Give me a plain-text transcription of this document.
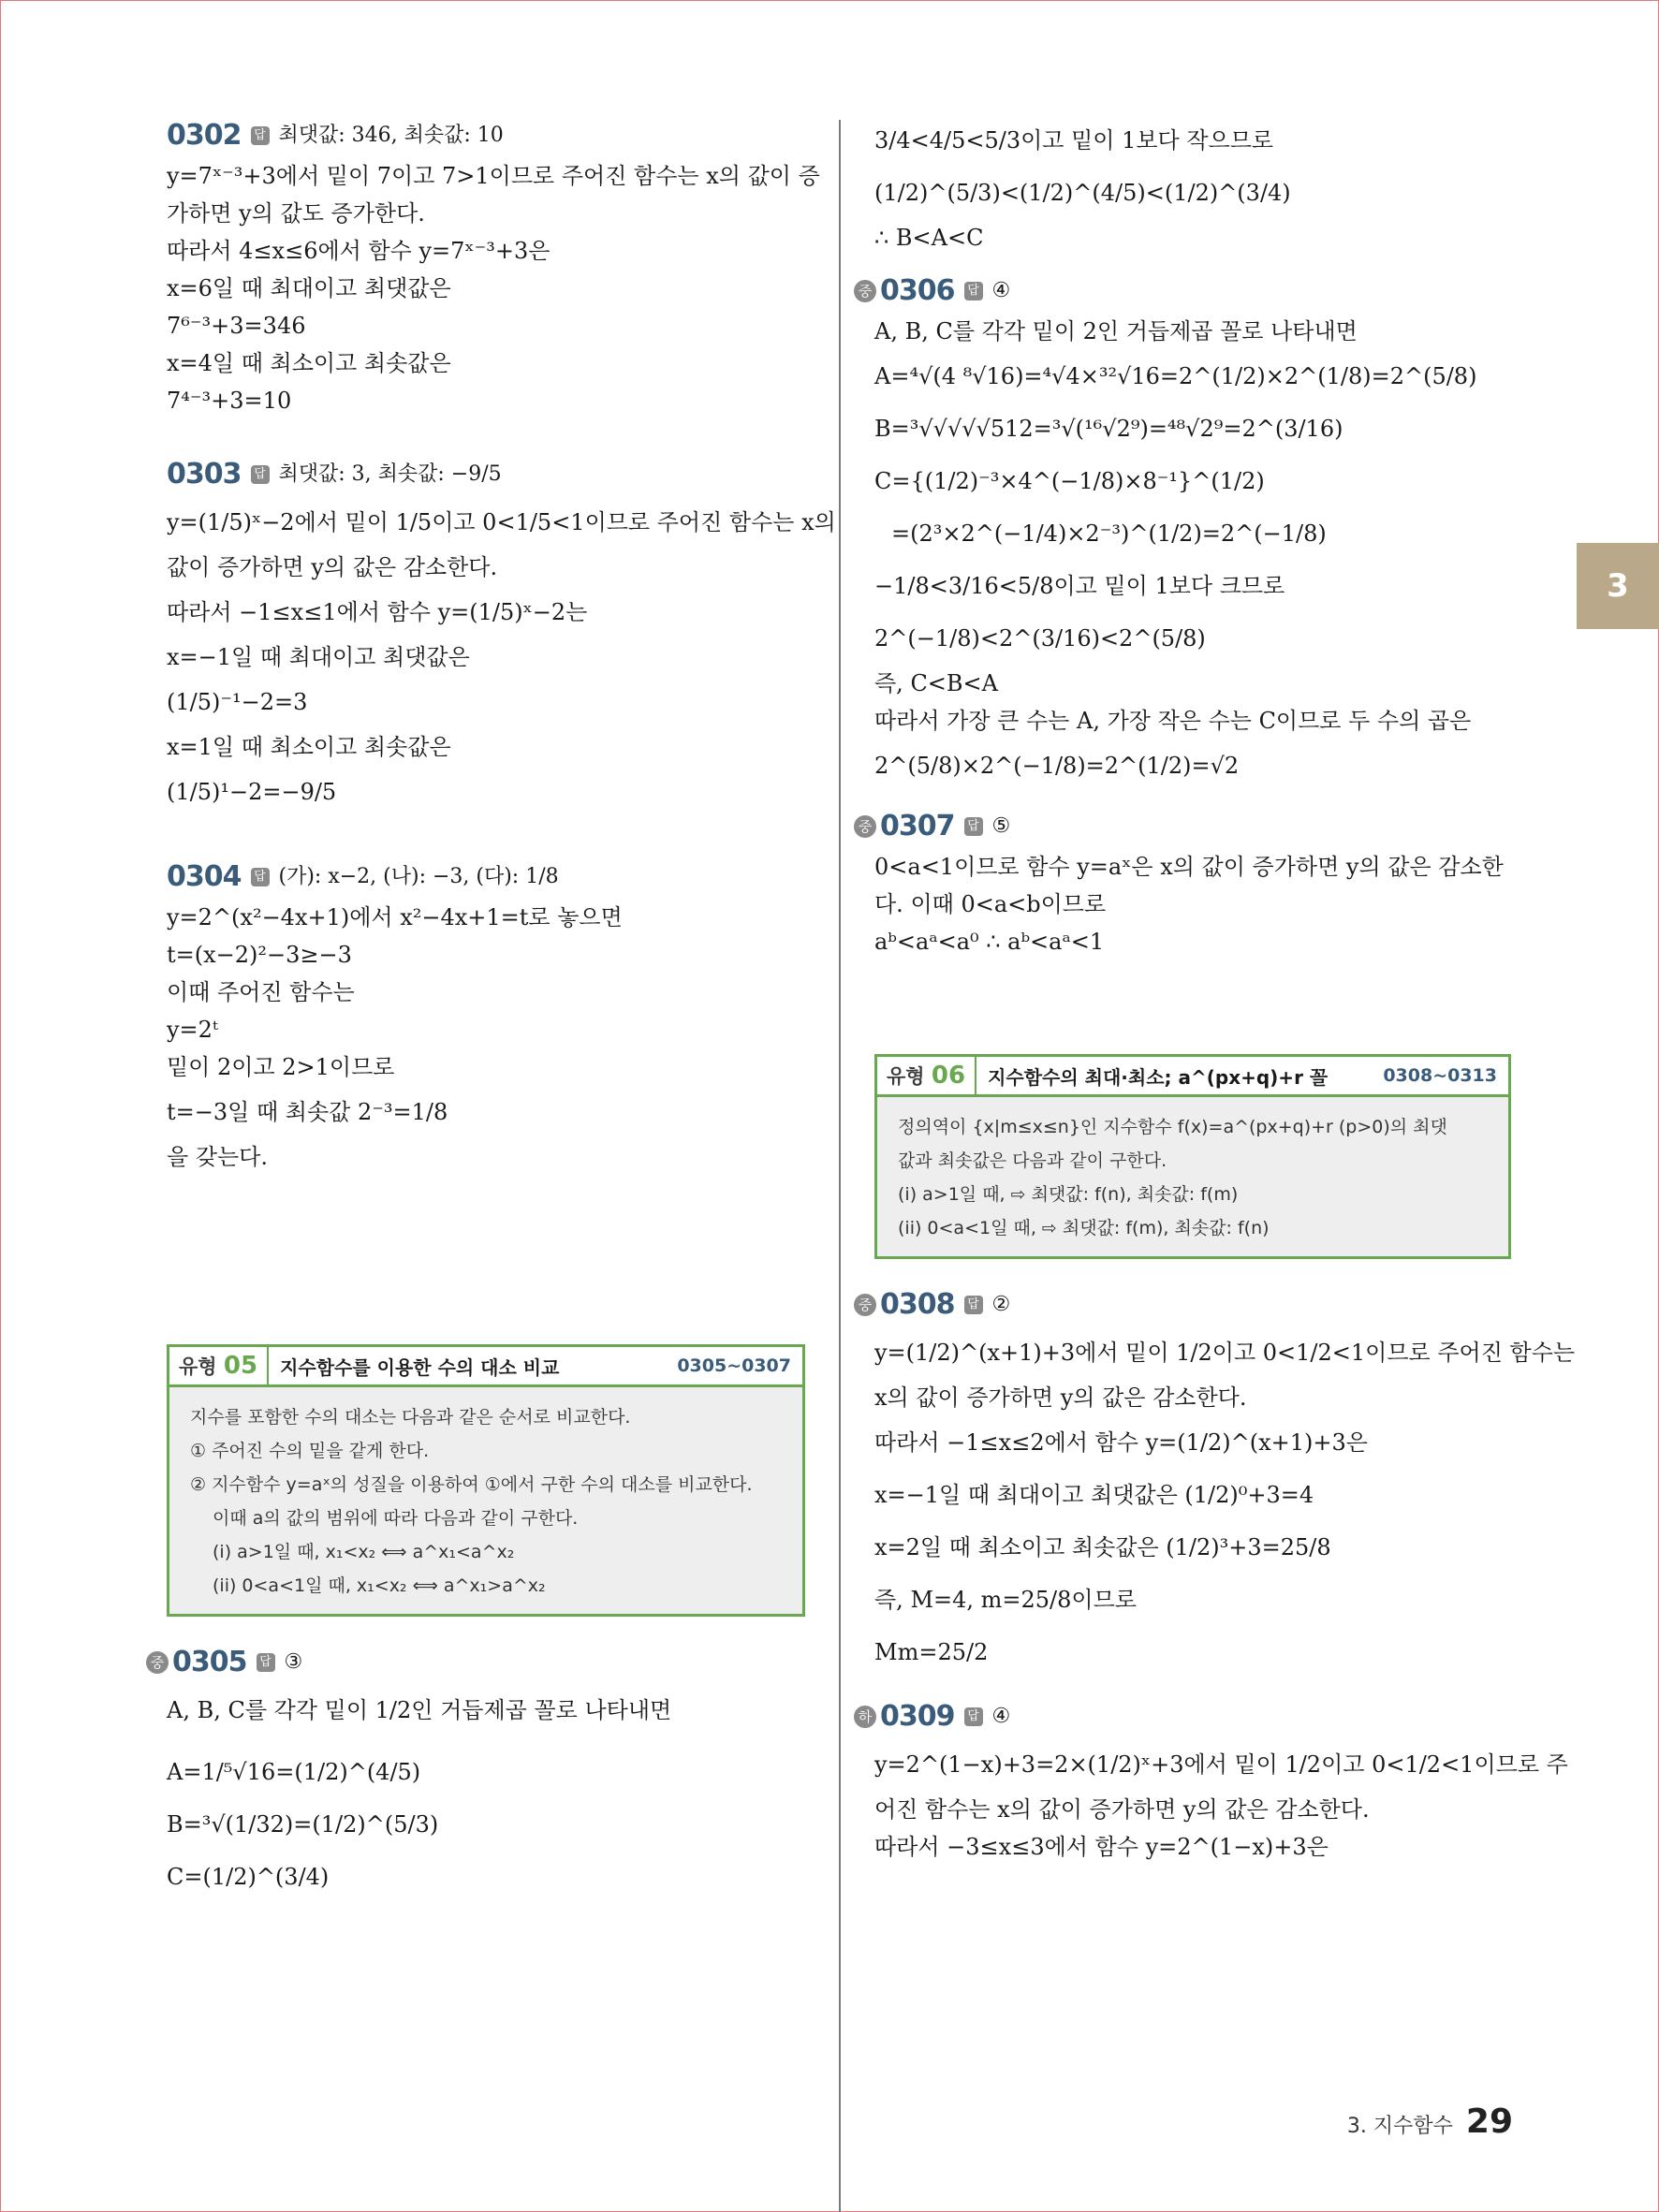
0302 답 최댓값: 346, 최솟값: 10
y=7ˣ⁻³+3에서 밑이 7이고 7>1이므로 주어진 함수는 x의 값이 증
가하면 y의 값도 증가한다.
따라서 4≤x≤6에서 함수 y=7ˣ⁻³+3은
x=6일 때 최대이고 최댓값은
7⁶⁻³+3=346
x=4일 때 최소이고 최솟값은
7⁴⁻³+3=10
0303 답 최댓값: 3, 최솟값: −9/5
y=(1/5)ˣ−2에서 밑이 1/5이고 0<1/5<1이므로 주어진 함수는 x의
값이 증가하면 y의 값은 감소한다.
따라서 −1≤x≤1에서 함수 y=(1/5)ˣ−2는
x=−1일 때 최대이고 최댓값은
(1/5)⁻¹−2=3
x=1일 때 최소이고 최솟값은
(1/5)¹−2=−9/5
0304 답 (가): x−2, (나): −3, (다): 1/8
y=2^(x²−4x+1)에서 x²−4x+1=t로 놓으면
t=(x−2)²−3≥−3
이때 주어진 함수는
y=2ᵗ
밑이 2이고 2>1이므로
t=−3일 때 최솟값 2⁻³=1/8
을 갖는다.
유형 05	지수함수를 이용한 수의 대소 비교	0305~0307
지수를 포함한 수의 대소는 다음과 같은 순서로 비교한다.
① 주어진 수의 밑을 같게 한다.
② 지수함수 y=aˣ의 성질을 이용하여 ①에서 구한 수의 대소를 비교한다.
이때 a의 값의 범위에 따라 다음과 같이 구한다.
(i) a>1일 때, x₁<x₂ ⟺ a^x₁<a^x₂
(ii) 0<a<1일 때, x₁<x₂ ⟺ a^x₁>a^x₂
중 0305 답 ③
A, B, C를 각각 밑이 1/2인 거듭제곱 꼴로 나타내면
A=1/⁵√16=(1/2)^(4/5)
B=³√(1/32)=(1/2)^(5/3)
C=(1/2)^(3/4)
3/4<4/5<5/3이고 밑이 1보다 작으므로
(1/2)^(5/3)<(1/2)^(4/5)<(1/2)^(3/4)
∴ B<A<C
중 0306 답 ④
A, B, C를 각각 밑이 2인 거듭제곱 꼴로 나타내면
A=⁴√(4 ⁸√16)=⁴√4×³²√16=2^(1/2)×2^(1/8)=2^(5/8)
B=³√√√√√512=³√(¹⁶√2⁹)=⁴⁸√2⁹=2^(3/16)
C={(1/2)⁻³×4^(−1/8)×8⁻¹}^(1/2)
=(2³×2^(−1/4)×2⁻³)^(1/2)=2^(−1/8)
−1/8<3/16<5/8이고 밑이 1보다 크므로
2^(−1/8)<2^(3/16)<2^(5/8)
즉, C<B<A
따라서 가장 큰 수는 A, 가장 작은 수는 C이므로 두 수의 곱은
2^(5/8)×2^(−1/8)=2^(1/2)=√2
중 0307 답 ⑤
0<a<1이므로 함수 y=aˣ은 x의 값이 증가하면 y의 값은 감소한
다. 이때 0<a<b이므로
aᵇ<aᵃ<a⁰ ∴ aᵇ<aᵃ<1
유형 06	지수함수의 최대·최소; a^(px+q)+r 꼴	0308~0313
정의역이 {x|m≤x≤n}인 지수함수 f(x)=a^(px+q)+r (p>0)의 최댓
값과 최솟값은 다음과 같이 구한다.
(i) a>1일 때, ⇨ 최댓값: f(n), 최솟값: f(m)
(ii) 0<a<1일 때, ⇨ 최댓값: f(m), 최솟값: f(n)
중 0308 답 ②
y=(1/2)^(x+1)+3에서 밑이 1/2이고 0<1/2<1이므로 주어진 함수는
x의 값이 증가하면 y의 값은 감소한다.
따라서 −1≤x≤2에서 함수 y=(1/2)^(x+1)+3은
x=−1일 때 최대이고 최댓값은 (1/2)⁰+3=4
x=2일 때 최소이고 최솟값은 (1/2)³+3=25/8
즉, M=4, m=25/8이므로
Mm=25/2
하 0309 답 ④
y=2^(1−x)+3=2×(1/2)ˣ+3에서 밑이 1/2이고 0<1/2<1이므로 주
어진 함수는 x의 값이 증가하면 y의 값은 감소한다.
따라서 −3≤x≤3에서 함수 y=2^(1−x)+3은
3
3. 지수함수 29
